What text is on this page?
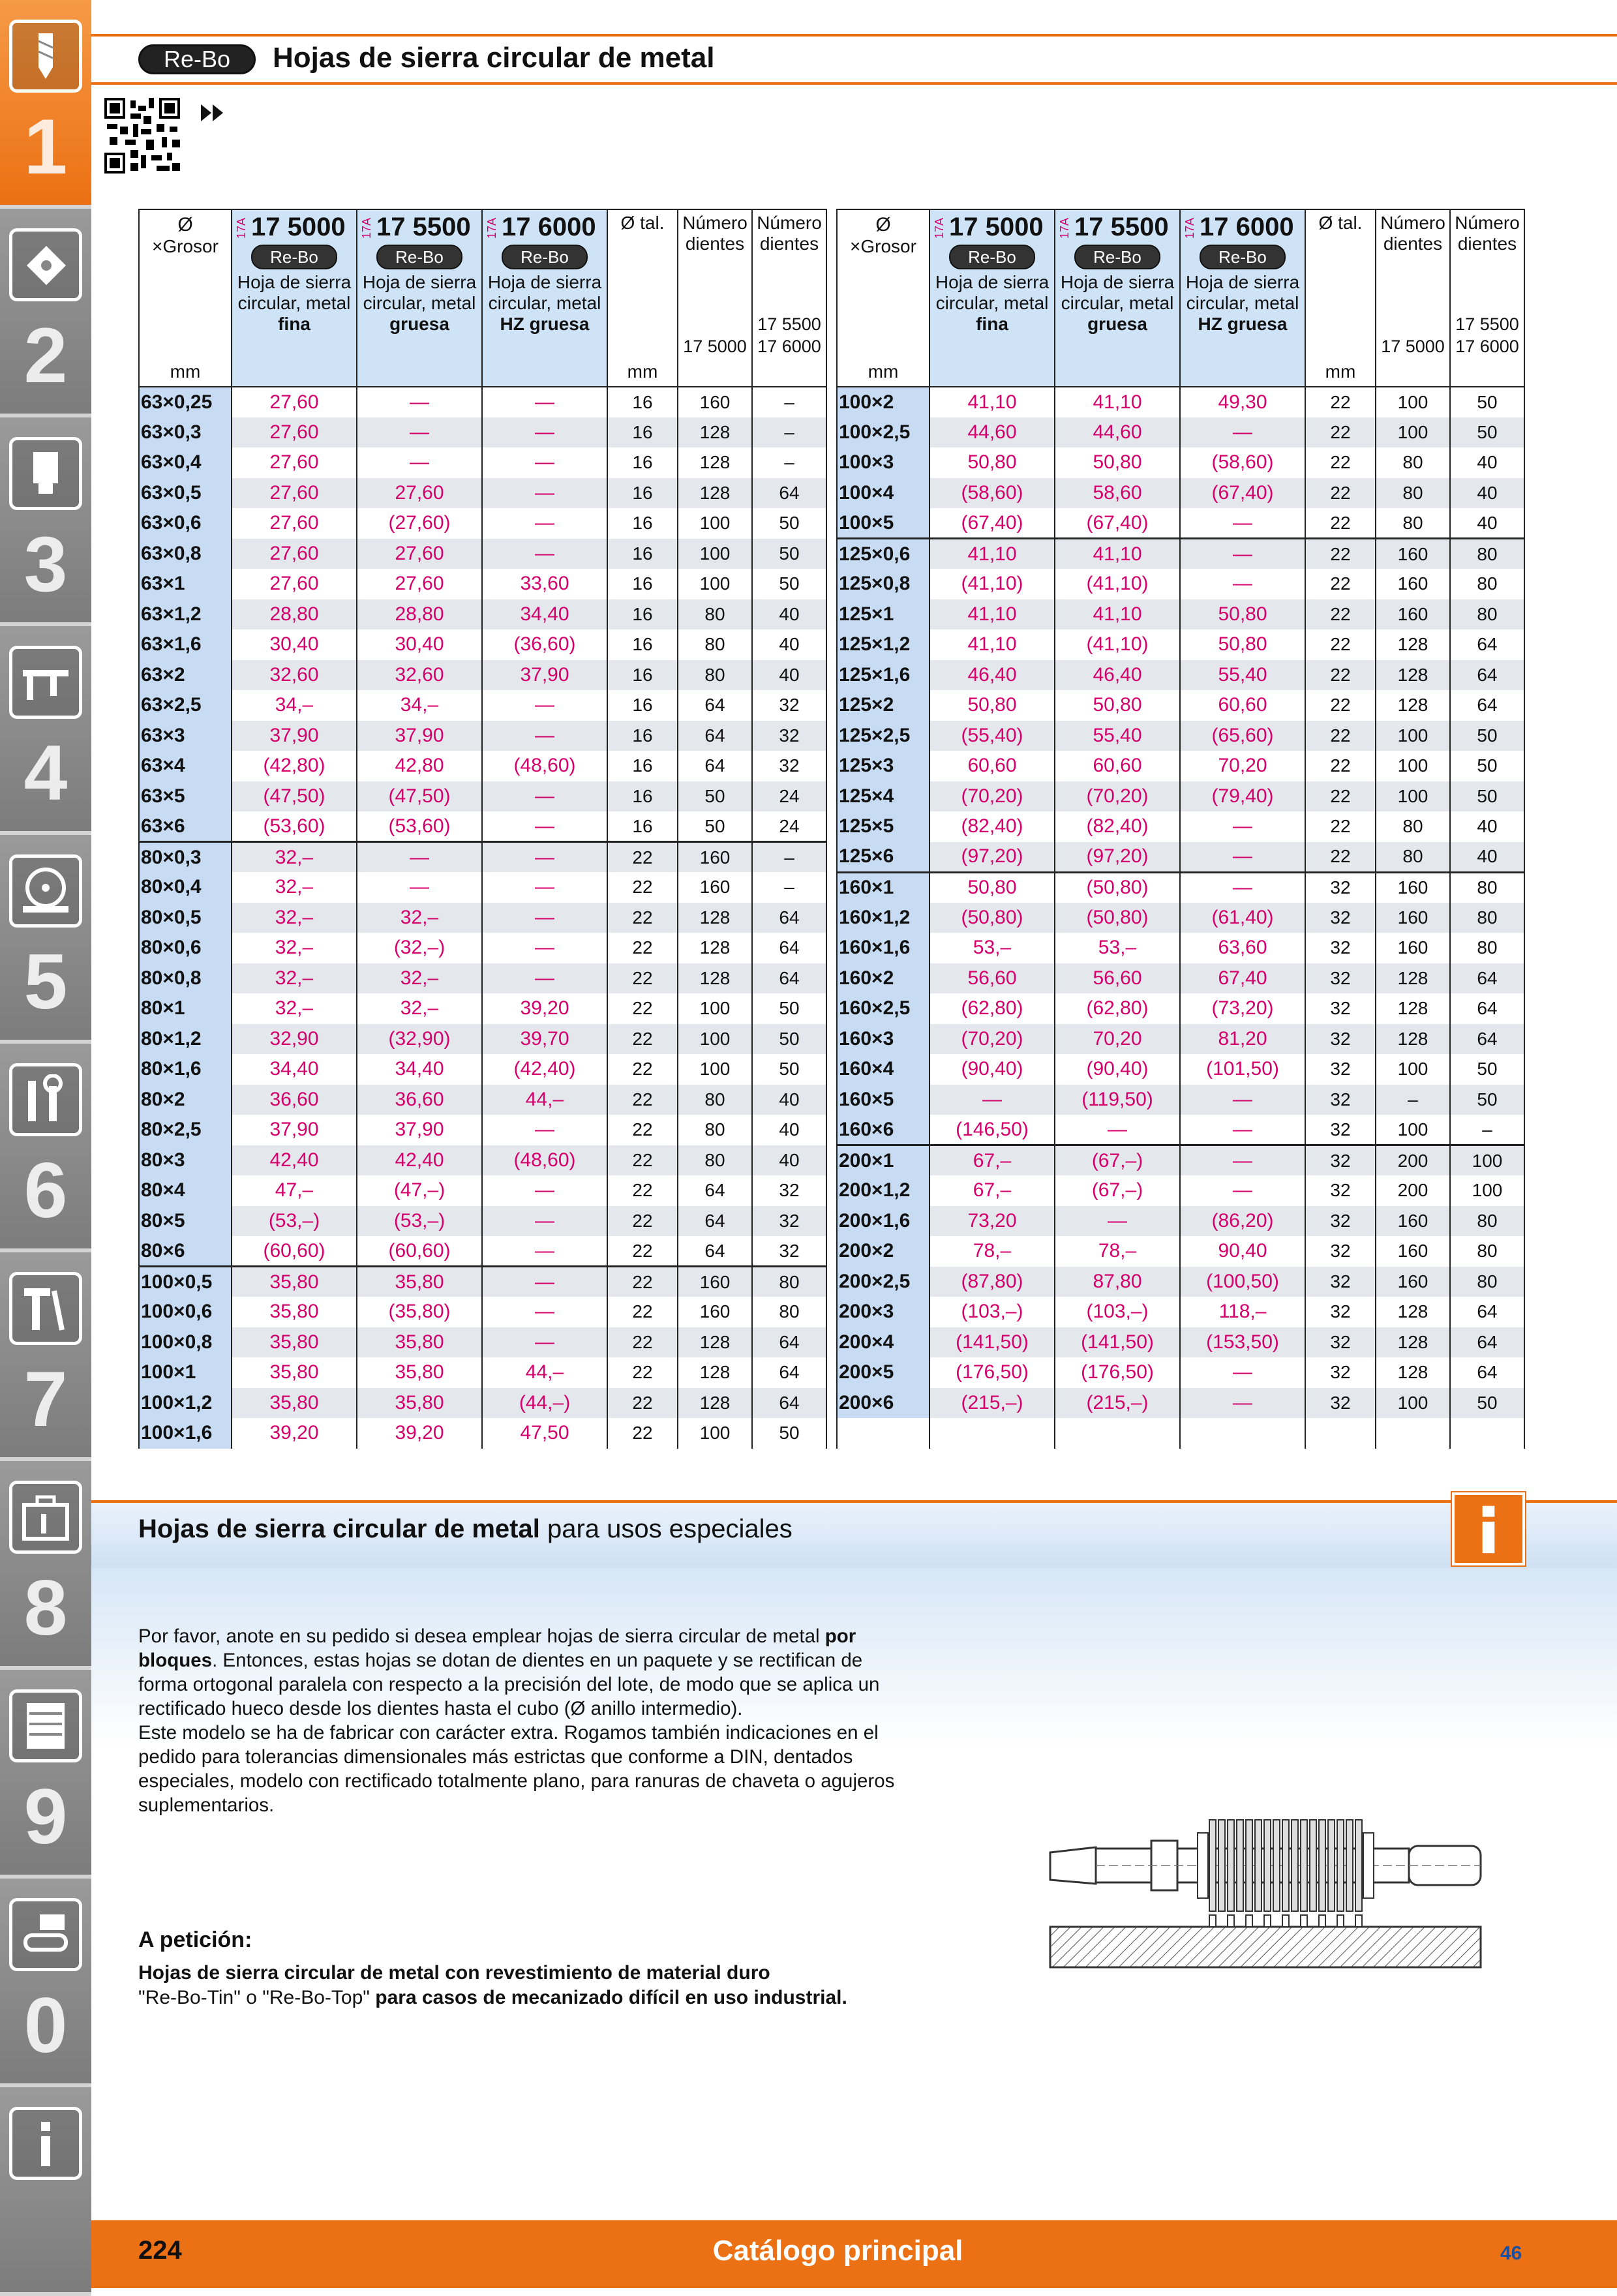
1
2
3
4
5
6
7
8
9
0
Re-Bo	Hojas de sierra circular de metal
Ø
×Grosor
mm	17A 17 5000
Re-Bo
Hoja de sierra
circular, metal
fina	17A 17 5500
Re-Bo
Hoja de sierra
circular, metal
gruesa	17A 17 6000
Re-Bo
Hoja de sierra
circular, metal
HZ gruesa	Ø tal.
mm	Número
dientes
17 5000	Número
dientes
17 5500
17 6000

63×0,25	27,60	—	—	16	160	–
63×0,3	27,60	—	—	16	128	–
63×0,4	27,60	—	—	16	128	–
63×0,5	27,60	27,60	—	16	128	64
63×0,6	27,60	(27,60)	—	16	100	50
63×0,8	27,60	27,60	—	16	100	50
63×1	27,60	27,60	33,60	16	100	50
63×1,2	28,80	28,80	34,40	16	80	40
63×1,6	30,40	30,40	(36,60)	16	80	40
63×2	32,60	32,60	37,90	16	80	40
63×2,5	34,–	34,–	—	16	64	32
63×3	37,90	37,90	—	16	64	32
63×4	(42,80)	42,80	(48,60)	16	64	32
63×5	(47,50)	(47,50)	—	16	50	24
63×6	(53,60)	(53,60)	—	16	50	24
80×0,3	32,–	—	—	22	160	–
80×0,4	32,–	—	—	22	160	–
80×0,5	32,–	32,–	—	22	128	64
80×0,6	32,–	(32,–)	—	22	128	64
80×0,8	32,–	32,–	—	22	128	64
80×1	32,–	32,–	39,20	22	100	50
80×1,2	32,90	(32,90)	39,70	22	100	50
80×1,6	34,40	34,40	(42,40)	22	100	50
80×2	36,60	36,60	44,–	22	80	40
80×2,5	37,90	37,90	—	22	80	40
80×3	42,40	42,40	(48,60)	22	80	40
80×4	47,–	(47,–)	—	22	64	32
80×5	(53,–)	(53,–)	—	22	64	32
80×6	(60,60)	(60,60)	—	22	64	32
100×0,5	35,80	35,80	—	22	160	80
100×0,6	35,80	(35,80)	—	22	160	80
100×0,8	35,80	35,80	—	22	128	64
100×1	35,80	35,80	44,–	22	128	64
100×1,2	35,80	35,80	(44,–)	22	128	64
100×1,6	39,20	39,20	47,50	22	100	50
Ø
×Grosor
mm	17A 17 5000
Re-Bo
Hoja de sierra
circular, metal
fina	17A 17 5500
Re-Bo
Hoja de sierra
circular, metal
gruesa	17A 17 6000
Re-Bo
Hoja de sierra
circular, metal
HZ gruesa	Ø tal.
mm	Número
dientes
17 5000	Número
dientes
17 5500
17 6000

100×2	41,10	41,10	49,30	22	100	50
100×2,5	44,60	44,60	—	22	100	50
100×3	50,80	50,80	(58,60)	22	80	40
100×4	(58,60)	58,60	(67,40)	22	80	40
100×5	(67,40)	(67,40)	—	22	80	40
125×0,6	41,10	41,10	—	22	160	80
125×0,8	(41,10)	(41,10)	—	22	160	80
125×1	41,10	41,10	50,80	22	160	80
125×1,2	41,10	(41,10)	50,80	22	128	64
125×1,6	46,40	46,40	55,40	22	128	64
125×2	50,80	50,80	60,60	22	128	64
125×2,5	(55,40)	55,40	(65,60)	22	100	50
125×3	60,60	60,60	70,20	22	100	50
125×4	(70,20)	(70,20)	(79,40)	22	100	50
125×5	(82,40)	(82,40)	—	22	80	40
125×6	(97,20)	(97,20)	—	22	80	40
160×1	50,80	(50,80)	—	32	160	80
160×1,2	(50,80)	(50,80)	(61,40)	32	160	80
160×1,6	53,–	53,–	63,60	32	160	80
160×2	56,60	56,60	67,40	32	128	64
160×2,5	(62,80)	(62,80)	(73,20)	32	128	64
160×3	(70,20)	70,20	81,20	32	128	64
160×4	(90,40)	(90,40)	(101,50)	32	100	50
160×5	—	(119,50)	—	32	–	50
160×6	(146,50)	—	—	32	100	–
200×1	67,–	(67,–)	—	32	200	100
200×1,2	67,–	(67,–)	—	32	200	100
200×1,6	73,20	—	(86,20)	32	160	80
200×2	78,–	78,–	90,40	32	160	80
200×2,5	(87,80)	87,80	(100,50)	32	160	80
200×3	(103,–)	(103,–)	118,–	32	128	64
200×4	(141,50)	(141,50)	(153,50)	32	128	64
200×5	(176,50)	(176,50)	—	32	128	64
200×6	(215,–)	(215,–)	—	32	100	50

Hojas de sierra circular de metal para usos especiales

Por favor, anote en su pedido si desea emplear hojas de sierra circular de metal por bloques. Entonces, estas hojas se dotan de dientes en un paquete y se rectifican de forma ortogonal paralela con respecto a la precisión del lote, de modo que se aplica un rectificado hueco desde los dientes hasta el cubo (Ø anillo intermedio).

Este modelo se ha de fabricar con carácter extra. Rogamos también indicaciones en el pedido para tolerancias dimensionales más estrictas que conforme a DIN, dentados especiales, modelo con rectificado totalmente plano, para ranuras de chaveta o agujeros suplementarios.

A petición:
Hojas de sierra circular de metal con revestimiento de material duro
"Re-Bo-Tin" o "Re-Bo-Top" para casos de mecanizado difícil en uso industrial.
224	Catálogo principal	46
